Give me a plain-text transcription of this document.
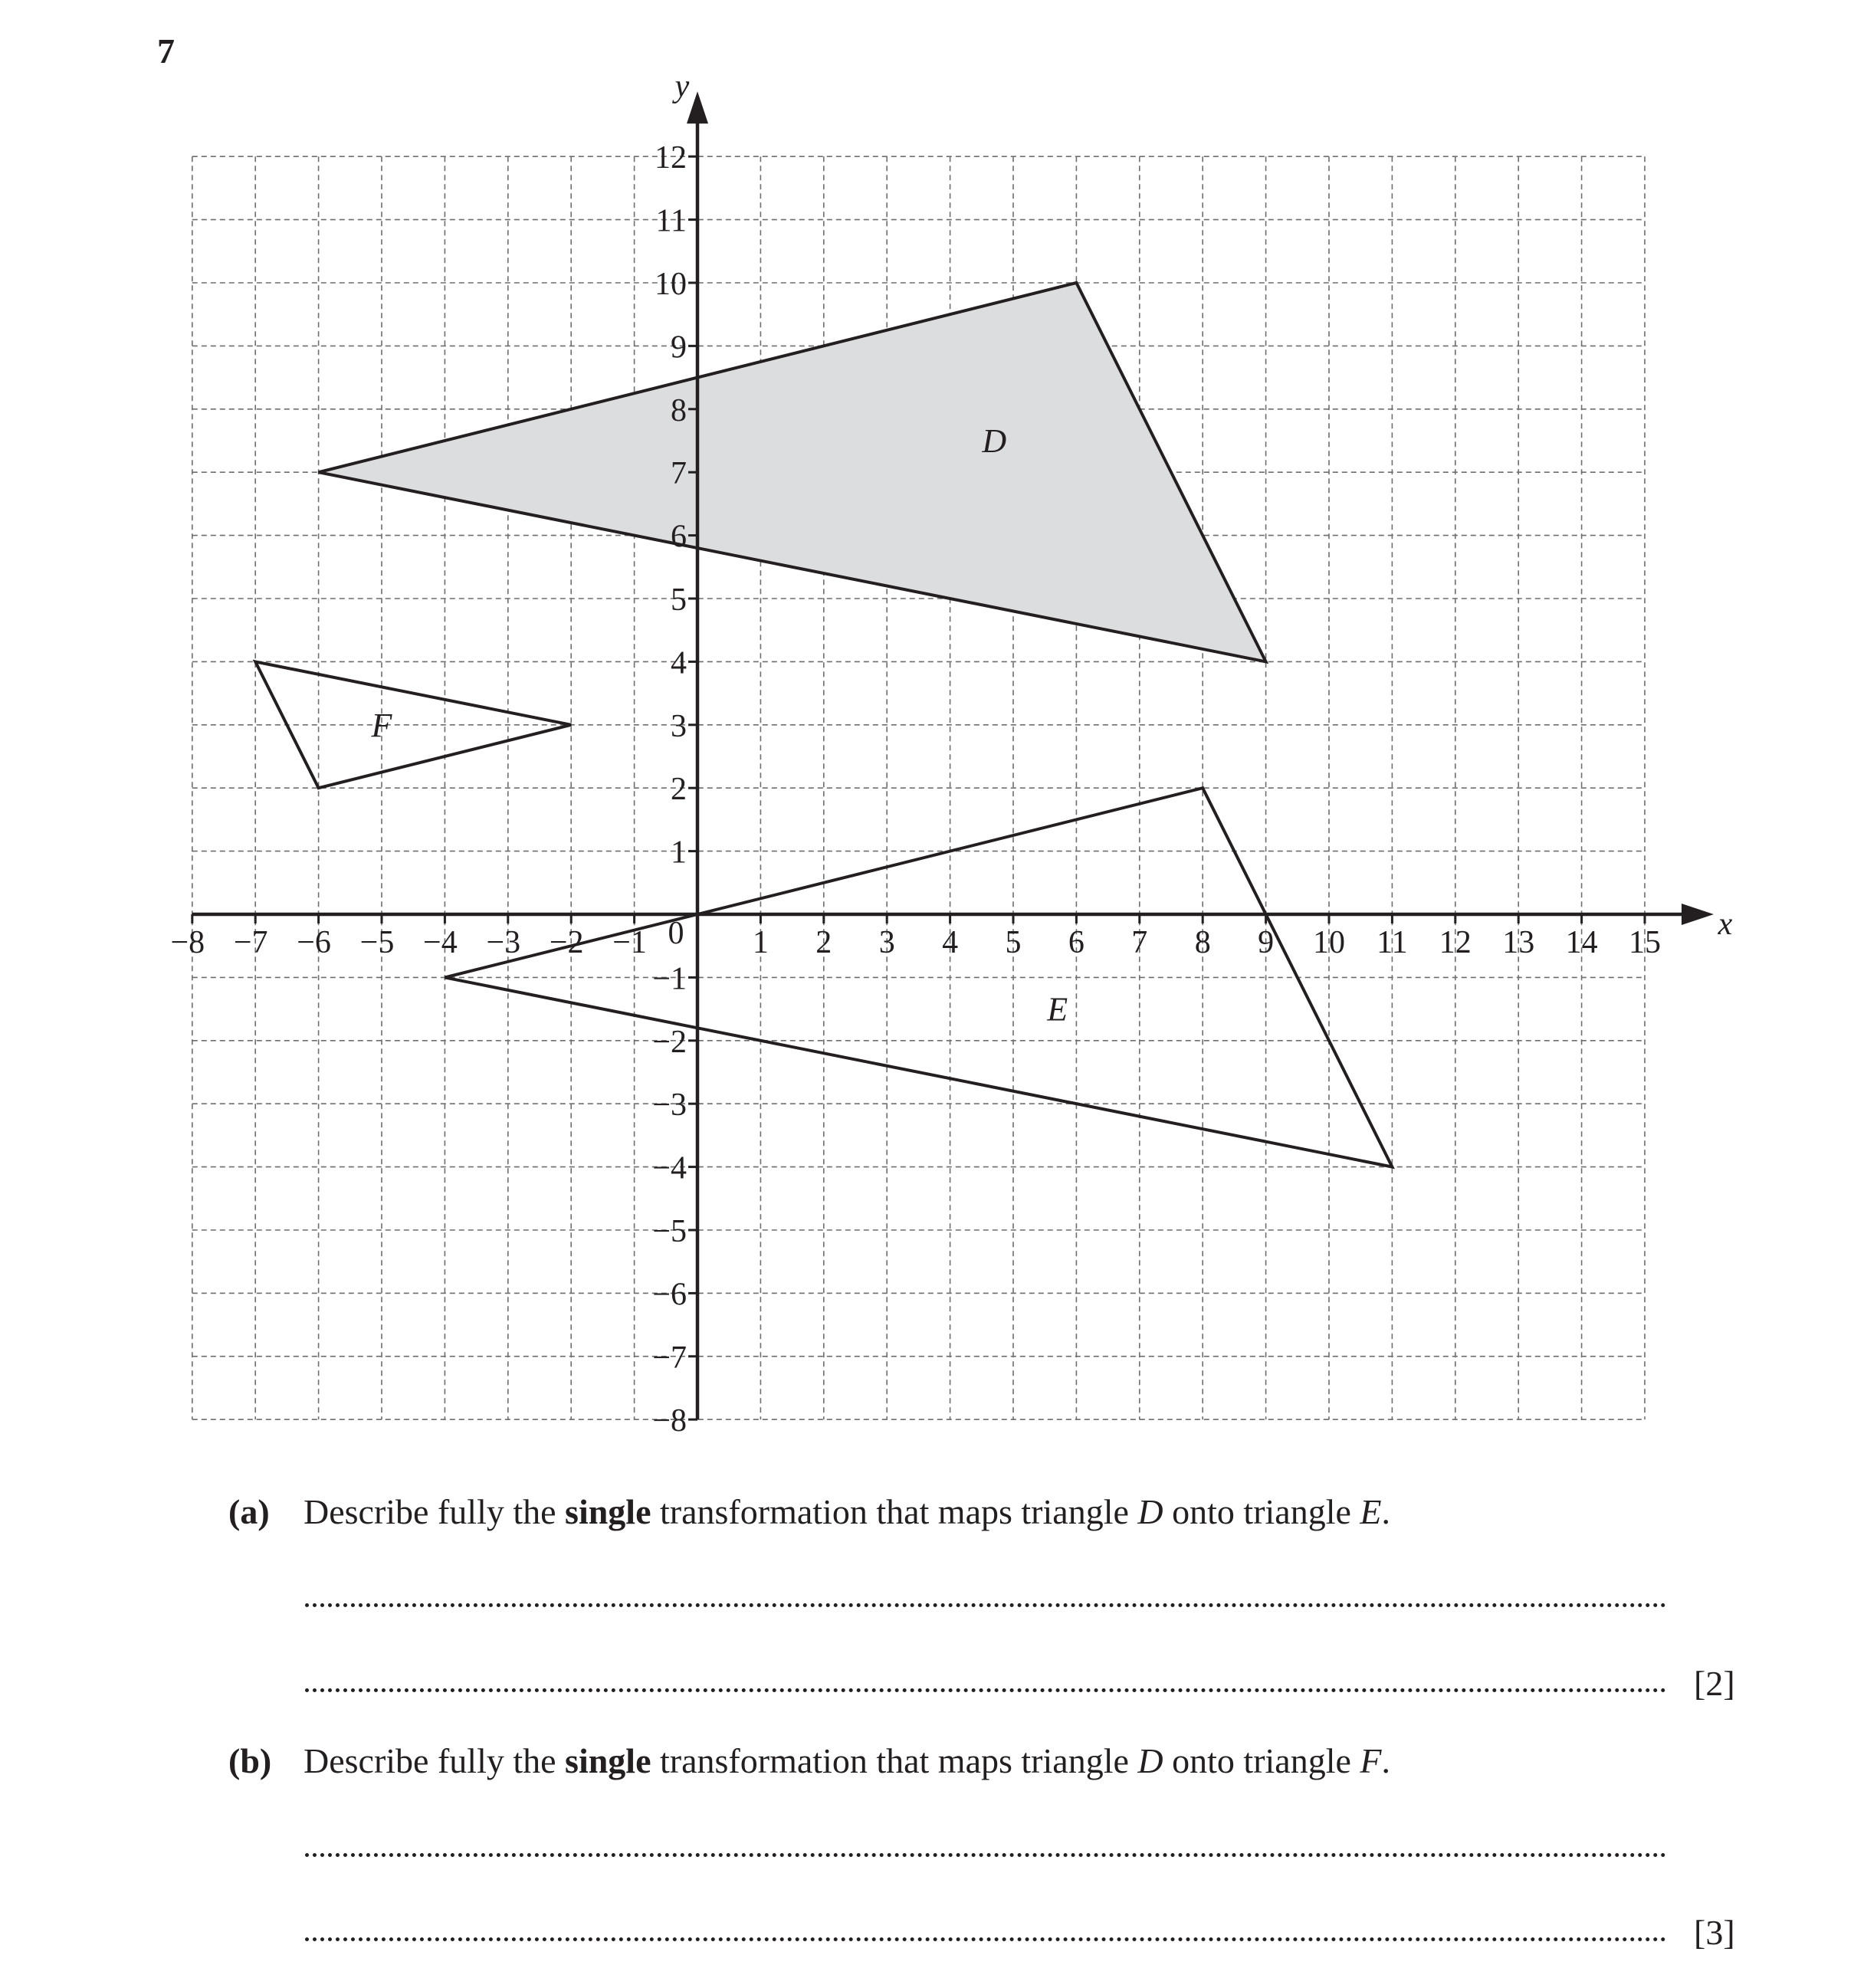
7
−8 −7 −6 −5 −4 −3 −2 −1	1 2 3 4 5 6 7 8 9 10 11 12 13 14 15
12
11
10
9
8
7
6
5
4
3
2
1
−1
−2
−3
−4
−5
−6
−7
−8
0	x
y
D
E
F
(a) Describe fully the single transformation that maps triangle D onto triangle E.
[2]
(b) Describe fully the single transformation that maps triangle D onto triangle F.
[3]
